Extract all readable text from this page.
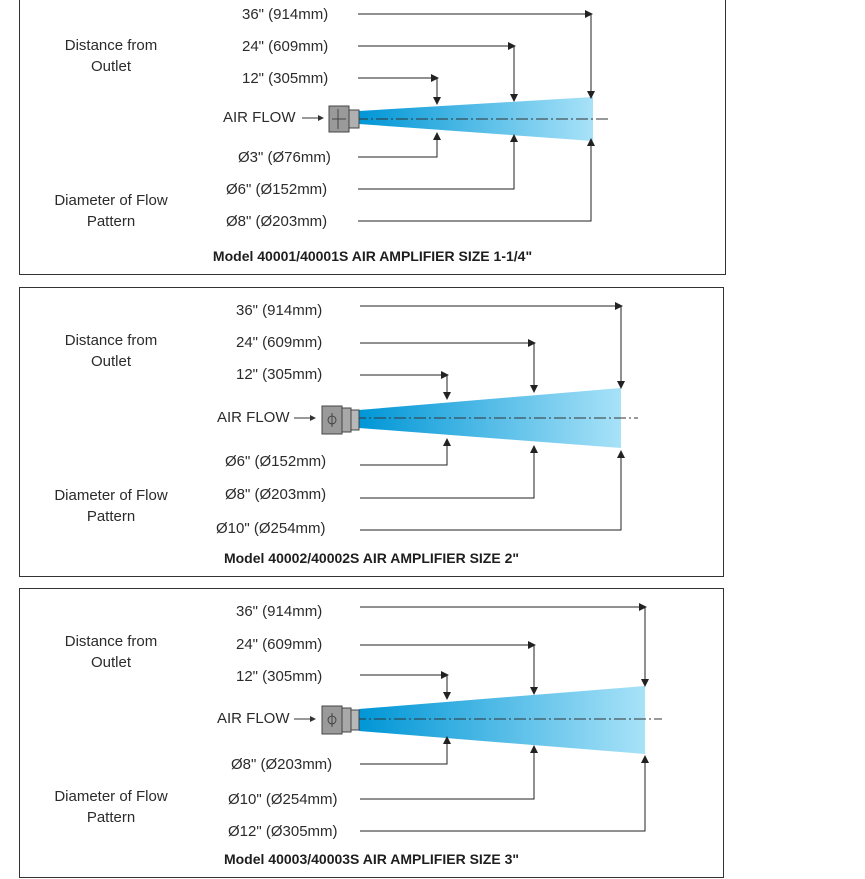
Distance from
Outlet
Diameter of Flow
Pattern
36" (914mm)
24" (609mm)
12" (305mm)
AIR FLOW
Ø3" (Ø76mm)
Ø6" (Ø152mm)
Ø8" (Ø203mm)
Model 40001/40001S AIR AMPLIFIER SIZE 1-1/4"
Distance from
Outlet
Diameter of Flow
Pattern
36" (914mm)
24" (609mm)
12" (305mm)
AIR FLOW
Ø6" (Ø152mm)
Ø8" (Ø203mm)
Ø10" (Ø254mm)
Model 40002/40002S AIR AMPLIFIER SIZE 2"
Distance from
Outlet
Diameter of Flow
Pattern
36" (914mm)
24" (609mm)
12" (305mm)
AIR FLOW
Ø8" (Ø203mm)
Ø10" (Ø254mm)
Ø12" (Ø305mm)
Model 40003/40003S AIR AMPLIFIER SIZE 3"
